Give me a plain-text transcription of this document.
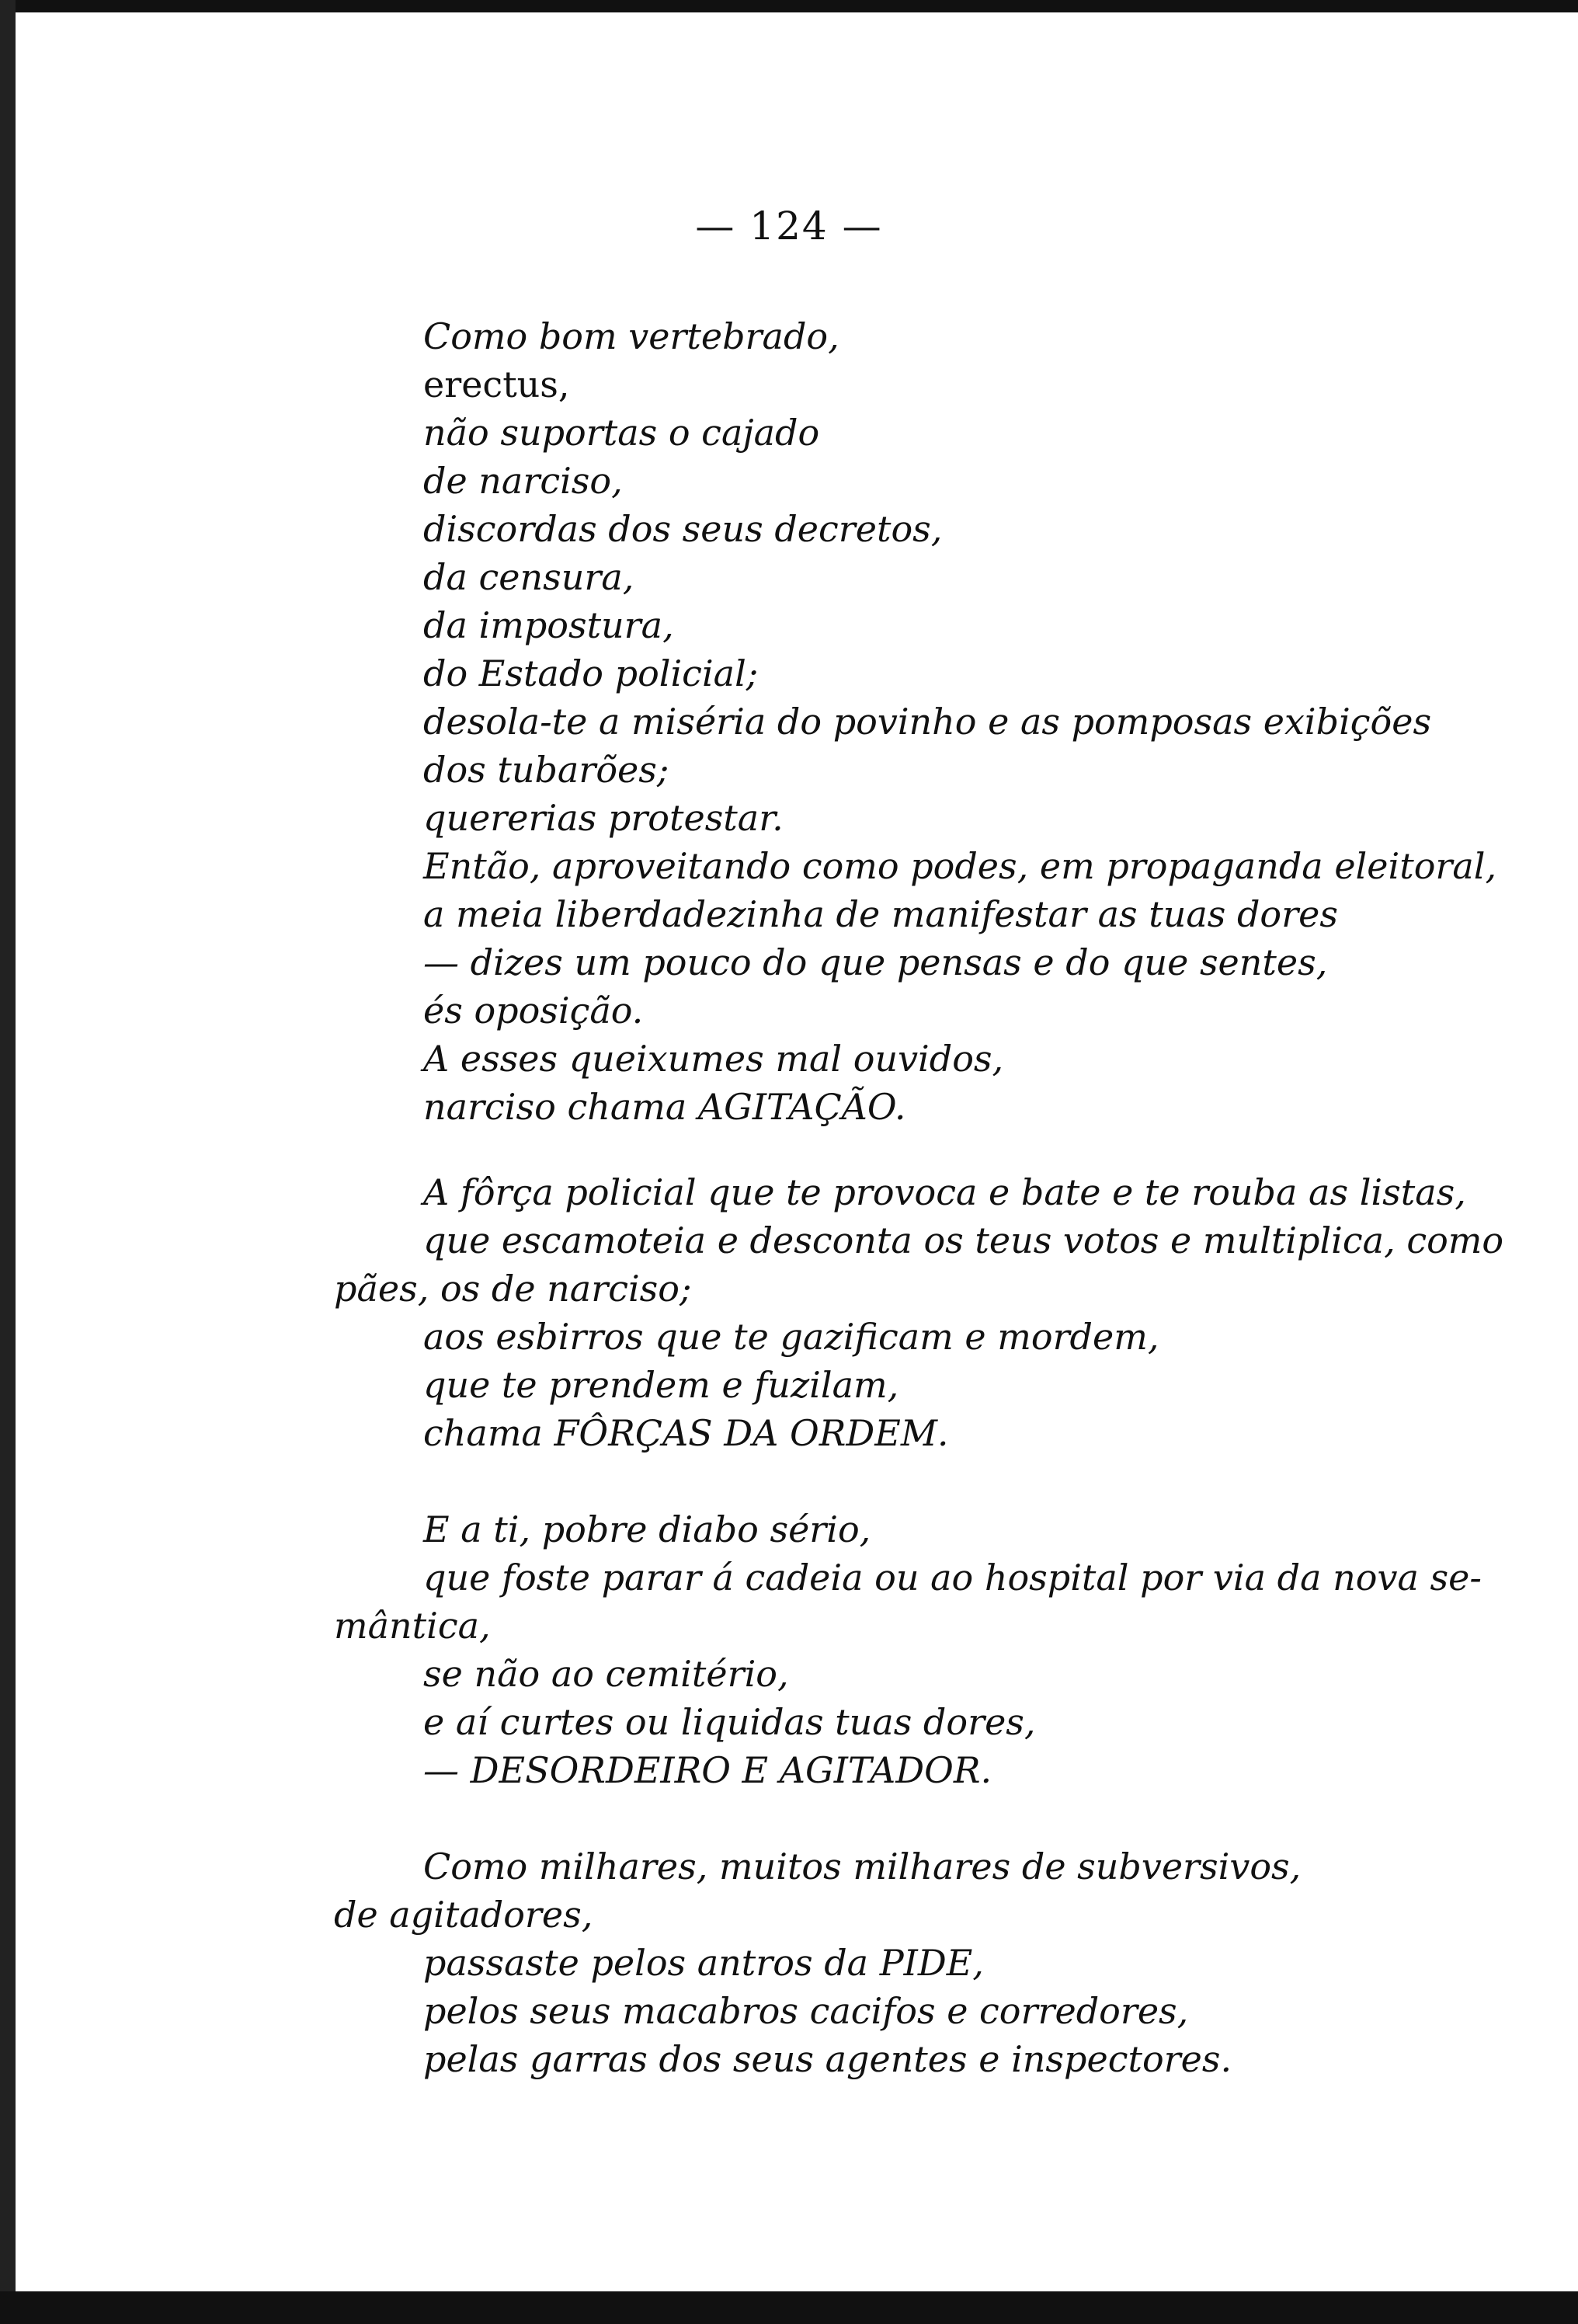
— 124 —
Como bom vertebrado,
erectus,
não suportas o cajado
de narciso,
discordas dos seus decretos,
da censura,
da impostura,
do Estado policial;
desola-te a miséria do povinho e as pomposas exibições
dos tubarões;
quererias protestar.
Então, aproveitando como podes, em propaganda eleitoral,
a meia liberdadezinha de manifestar as tuas dores
— dizes um pouco do que pensas e do que sentes,
és oposição.
A esses queixumes mal ouvidos,
narciso chama AGITAÇÃO.
A fôrça policial que te provoca e bate e te rouba as listas,
que escamoteia e desconta os teus votos e multiplica, como
pães, os de narciso;
aos esbirros que te gazificam e mordem,
que te prendem e fuzilam,
chama FÔRÇAS DA ORDEM.
E a ti, pobre diabo sério,
que foste parar á cadeia ou ao hospital por via da nova se-
mântica,
se não ao cemitério,
e aí curtes ou liquidas tuas dores,
— DESORDEIRO E AGITADOR.
Como milhares, muitos milhares de subversivos,
de agitadores,
passaste pelos antros da PIDE,
pelos seus macabros cacifos e corredores,
pelas garras dos seus agentes e inspectores.
